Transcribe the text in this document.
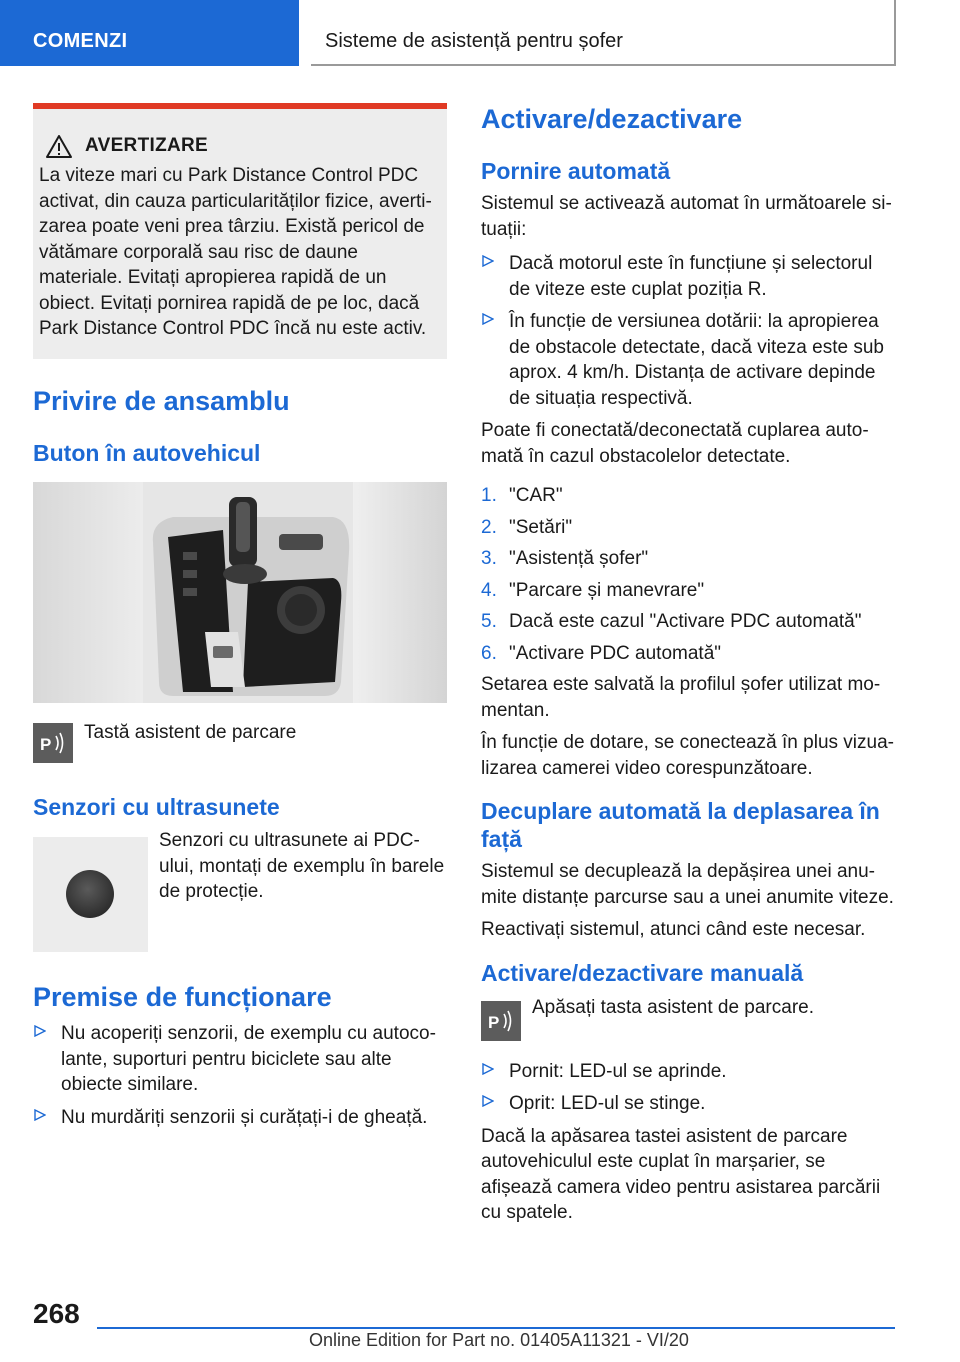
COMENZI	Sisteme de asistență pentru șofer
AVERTIZARE

La viteze mari cu Park Distance Control PDC activat, din cauza particularităților fizice, avertizarea poate veni prea târziu. Există pericol de vătămare corporală sau risc de daune materiale. Evitați apropierea rapidă de un obiect. Evitați pornirea rapidă de pe loc, dacă Park Distance Control PDC încă nu este activ.

Privire de ansamblu
Buton în autovehicul
P
Tastă asistent de parcare
Senzori cu ultrasunete

Senzori cu ultrasunete ai PDC-ului, montați de exemplu în barele de protecție.

Premise de funcționare
Nu acoperiți senzorii, de exemplu cu autocolante, suporturi pentru biciclete sau alte obiecte similare.
Nu murdăriți senzorii și curățați-i de gheață.
Activare/dezactivare
Pornire automată

Sistemul se activează automat în următoarele situații:

Dacă motorul este în funcțiune și selectorul de viteze este cuplat poziția R.
În funcție de versiunea dotării: la apropierea de obstacole detectate, dacă viteza este sub aprox. 4 km/h. Distanța de activare depinde de situația respectivă.

Poate fi conectată/deconectată cuplarea automată în cazul obstacolelor detectate.

1. "CAR"
2. "Setări"
3. "Asistență șofer"
4. "Parcare și manevrare"
5. Dacă este cazul "Activare PDC automată"
6. "Activare PDC automată"

Setarea este salvată la profilul șofer utilizat momentan.

În funcție de dotare, se conectează în plus vizualizarea camerei video corespunzătoare.

Decuplare automată la deplasarea în față

Sistemul se decuplează la depășirea unei anumite distanțe parcurse sau a unei anumite viteze.

Reactivați sistemul, atunci când este necesar.

Activare/dezactivare manuală
P
Apăsați tasta asistent de parcare.
Pornit: LED-ul se aprinde.
Oprit: LED-ul se stinge.

Dacă la apăsarea tastei asistent de parcare autovehiculul este cuplat în marșarier, se afișează camera video pentru asistarea parcării cu spatele.

268
Online Edition for Part no. 01405A11321 - VI/20
